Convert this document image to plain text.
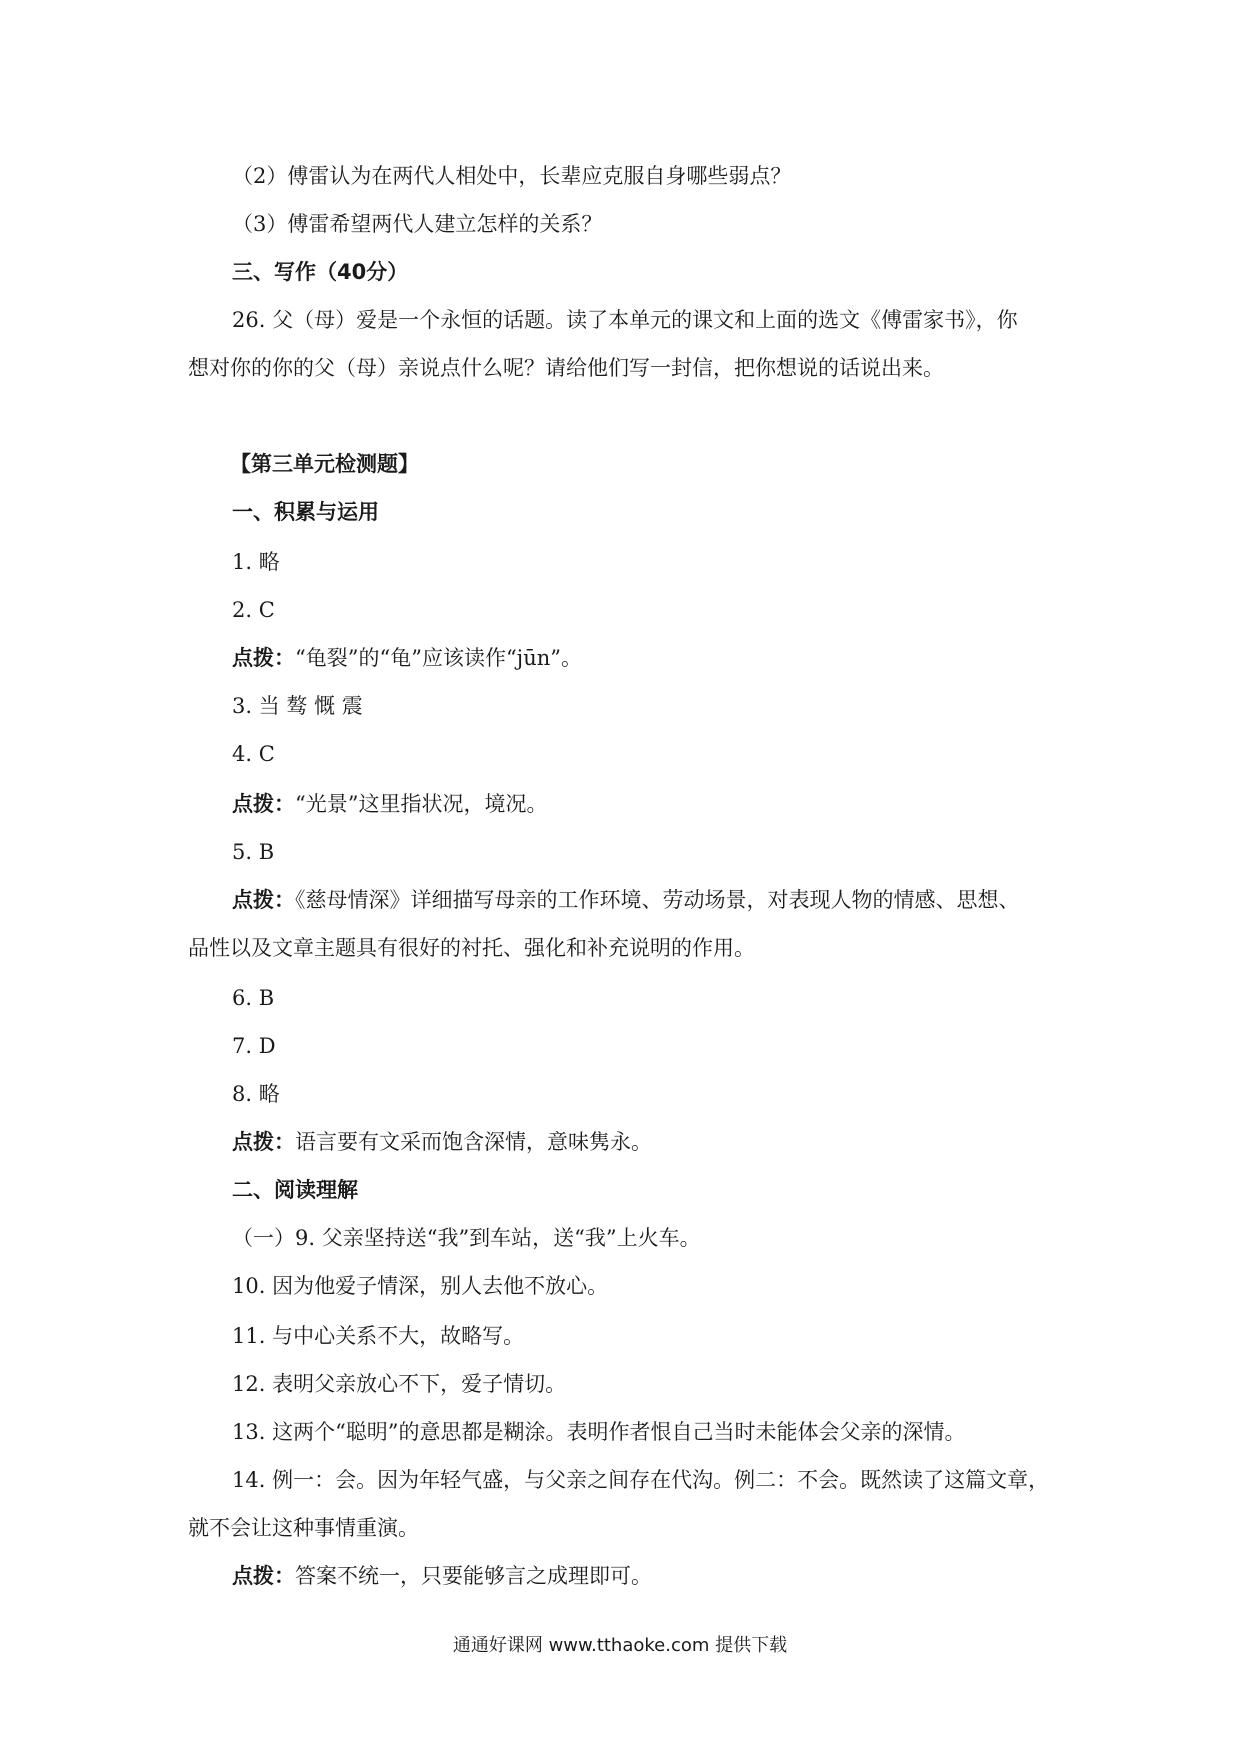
（2）傅雷认为在两代人相处中，长辈应克服自身哪些弱点？
（3）傅雷希望两代人建立怎样的关系？
三、写作（40分）
26. 父（母）爱是一个永恒的话题。读了本单元的课文和上面的选文《傅雷家书》，你
想对你的你的父（母）亲说点什么呢？请给他们写一封信，把你想说的话说出来。
【第三单元检测题】
一、积累与运用
1. 略
2. C
点拨：“龟裂”的“龟”应该读作“jūn”。
3. 当 骜 慨 震
4. C
点拨：“光景”这里指状况，境况。
5. B
点拨：《慈母情深》详细描写母亲的工作环境、劳动场景，对表现人物的情感、思想、
品性以及文章主题具有很好的衬托、强化和补充说明的作用。
6. B
7. D
8. 略
点拨：语言要有文采而饱含深情，意味隽永。
二、阅读理解
（一）9. 父亲坚持送“我”到车站，送“我”上火车。
10. 因为他爱子情深，别人去他不放心。
11. 与中心关系不大，故略写。
12. 表明父亲放心不下，爱子情切。
13. 这两个“聪明”的意思都是糊涂。表明作者恨自己当时未能体会父亲的深情。
14. 例一：会。因为年轻气盛，与父亲之间存在代沟。例二：不会。既然读了这篇文章，
就不会让这种事情重演。
点拨：答案不统一，只要能够言之成理即可。
通通好课网 www.tthaoke.com 提供下载
